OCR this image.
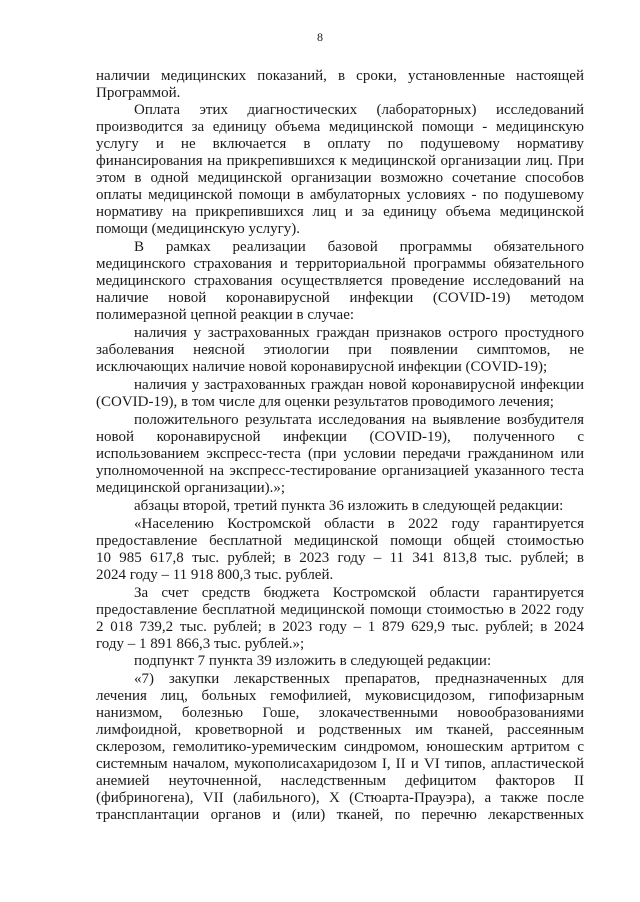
8
наличии медицинских показаний, в сроки, установленные настоящей
Программой.
Оплата этих диагностических (лабораторных) исследований
производится за единицу объема медицинской помощи - медицинскую
услугу и не включается в оплату по подушевому нормативу
финансирования на прикрепившихся к медицинской организации лиц. При
этом в одной медицинской организации возможно сочетание способов
оплаты медицинской помощи в амбулаторных условиях - по подушевому
нормативу на прикрепившихся лиц и за единицу объема медицинской
помощи (медицинскую услугу).
В рамках реализации базовой программы обязательного
медицинского страхования и территориальной программы обязательного
медицинского страхования осуществляется проведение исследований на
наличие новой коронавирусной инфекции (COVID-19) методом
полимеразной цепной реакции в случае:
наличия у застрахованных граждан признаков острого простудного
заболевания неясной этиологии при появлении симптомов, не
исключающих наличие новой коронавирусной инфекции (COVID-19);
наличия у застрахованных граждан новой коронавирусной инфекции
(COVID-19), в том числе для оценки результатов проводимого лечения;
положительного результата исследования на выявление возбудителя
новой коронавирусной инфекции (COVID-19), полученного с
использованием экспресс-теста (при условии передачи гражданином или
уполномоченной на экспресс-тестирование организацией указанного теста
медицинской организации).»;
абзацы второй, третий пункта 36 изложить в следующей редакции:
«Населению Костромской области в 2022 году гарантируется
предоставление бесплатной медицинской помощи общей стоимостью
10 985 617,8 тыс. рублей; в 2023 году – 11 341 813,8 тыс. рублей; в
2024 году – 11 918 800,3 тыс. рублей.
За счет средств бюджета Костромской области гарантируется
предоставление бесплатной медицинской помощи стоимостью в 2022 году
2 018 739,2 тыс. рублей; в 2023 году – 1 879 629,9 тыс. рублей; в 2024
году – 1 891 866,3 тыс. рублей.»;
подпункт 7 пункта 39 изложить в следующей редакции:
«7) закупки лекарственных препаратов, предназначенных для
лечения лиц, больных гемофилией, муковисцидозом, гипофизарным
нанизмом, болезнью Гоше, злокачественными новообразованиями
лимфоидной, кроветворной и родственных им тканей, рассеянным
склерозом, гемолитико-уремическим синдромом, юношеским артритом с
системным началом, мукополисахаридозом I, II и VI типов, апластической
анемией неуточненной, наследственным дефицитом факторов II
(фибриногена), VII (лабильного), X (Стюарта-Прауэра), а также после
трансплантации органов и (или) тканей, по перечню лекарственных
